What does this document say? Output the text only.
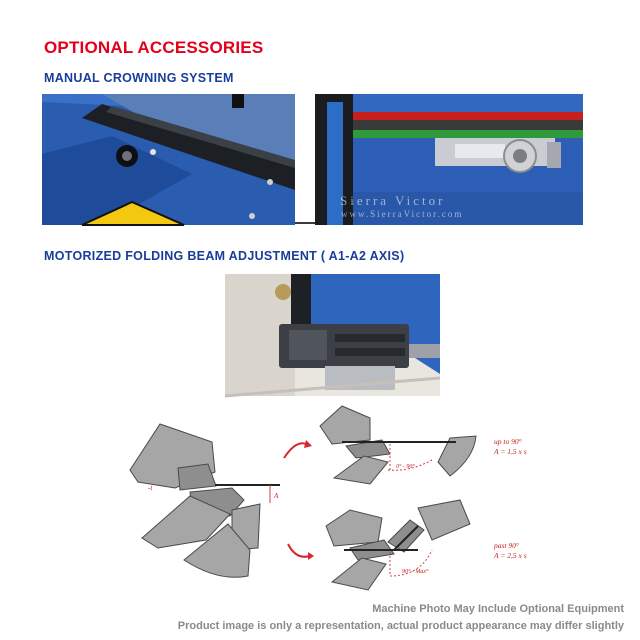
OPTIONAL ACCESSORIES
MANUAL CROWNING SYSTEM
Sierra Victor
www.SierraVictor.com
MOTORIZED FOLDING BEAM ADJUSTMENT ( A1-A2 AXIS)
-t
A
0° - 90°
up to 90°
A = 1,5 x s
90° - Max°
past 90°
A = 2,5 x s
Machine Photo May Include Optional Equipment
Product image is only a representation, actual product appearance may differ slightly
